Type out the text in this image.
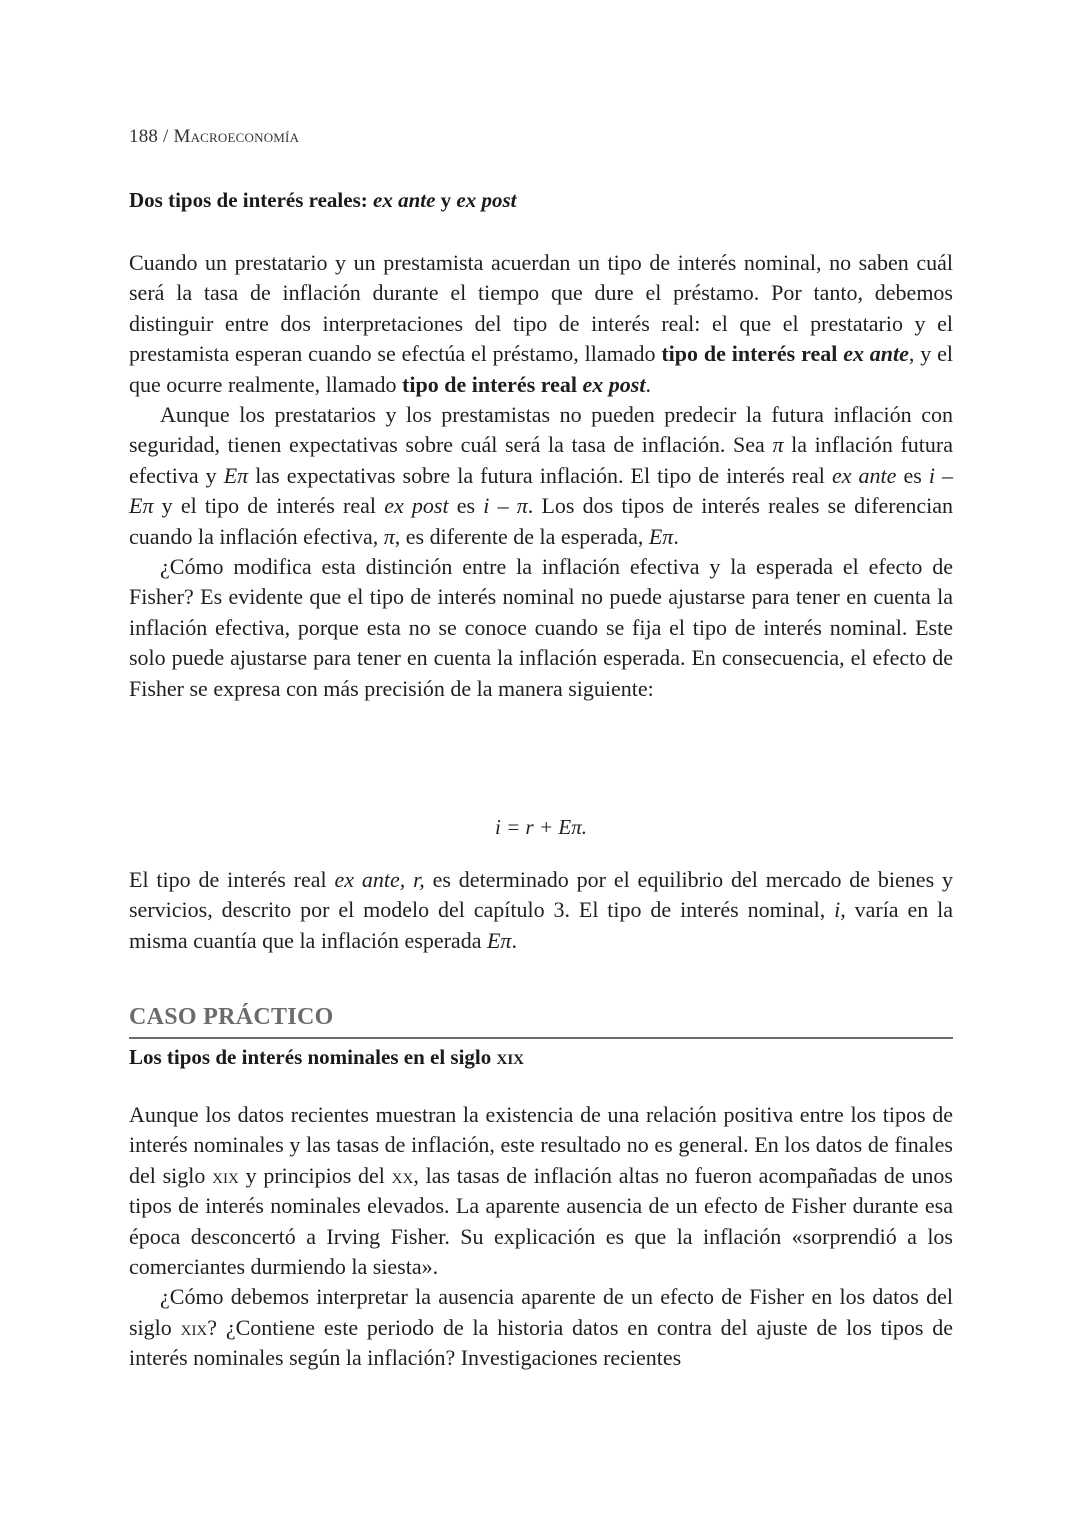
188 / Macroeconomía
Dos tipos de interés reales: ex ante y ex post

Cuando un prestatario y un prestamista acuerdan un tipo de interés nominal, no saben cuál será la tasa de inflación durante el tiempo que dure el préstamo. Por tanto, debemos distinguir entre dos interpretaciones del tipo de interés real: el que el prestatario y el prestamista esperan cuando se efectúa el préstamo, llamado tipo de interés real ex ante, y el que ocurre realmente, llamado tipo de interés real ex post.

Aunque los prestatarios y los prestamistas no pueden predecir la futura inflación con seguridad, tienen expectativas sobre cuál será la tasa de inflación. Sea π la inflación futura efectiva y Eπ las expectativas sobre la futura inflación. El tipo de interés real ex ante es i – Eπ y el tipo de interés real ex post es i – π. Los dos tipos de interés reales se diferencian cuando la inflación efectiva, π, es diferente de la esperada, Eπ.

¿Cómo modifica esta distinción entre la inflación efectiva y la esperada el efecto de Fisher? Es evidente que el tipo de interés nominal no puede ajustarse para tener en cuenta la inflación efectiva, porque esta no se conoce cuando se fija el tipo de interés nominal. Este solo puede ajustarse para tener en cuenta la inflación esperada. En consecuencia, el efecto de Fisher se expresa con más precisión de la manera siguiente:

i = r + Eπ.

El tipo de interés real ex ante, r, es determinado por el equilibrio del mercado de bienes y servicios, descrito por el modelo del capítulo 3. El tipo de interés nominal, i, varía en la misma cuantía que la inflación esperada Eπ.

CASO PRÁCTICO
Los tipos de interés nominales en el siglo xix

Aunque los datos recientes muestran la existencia de una relación positiva entre los tipos de interés nominales y las tasas de inflación, este resultado no es general. En los datos de finales del siglo xix y principios del xx, las tasas de inflación altas no fueron acompañadas de unos tipos de interés nominales elevados. La aparente ausencia de un efecto de Fisher durante esa época desconcertó a Irving Fisher. Su explicación es que la inflación «sorprendió a los comerciantes durmiendo la siesta».

¿Cómo debemos interpretar la ausencia aparente de un efecto de Fisher en los datos del siglo xix? ¿Contiene este periodo de la historia datos en contra del ajuste de los tipos de interés nominales según la inflación? Investigaciones recientes
